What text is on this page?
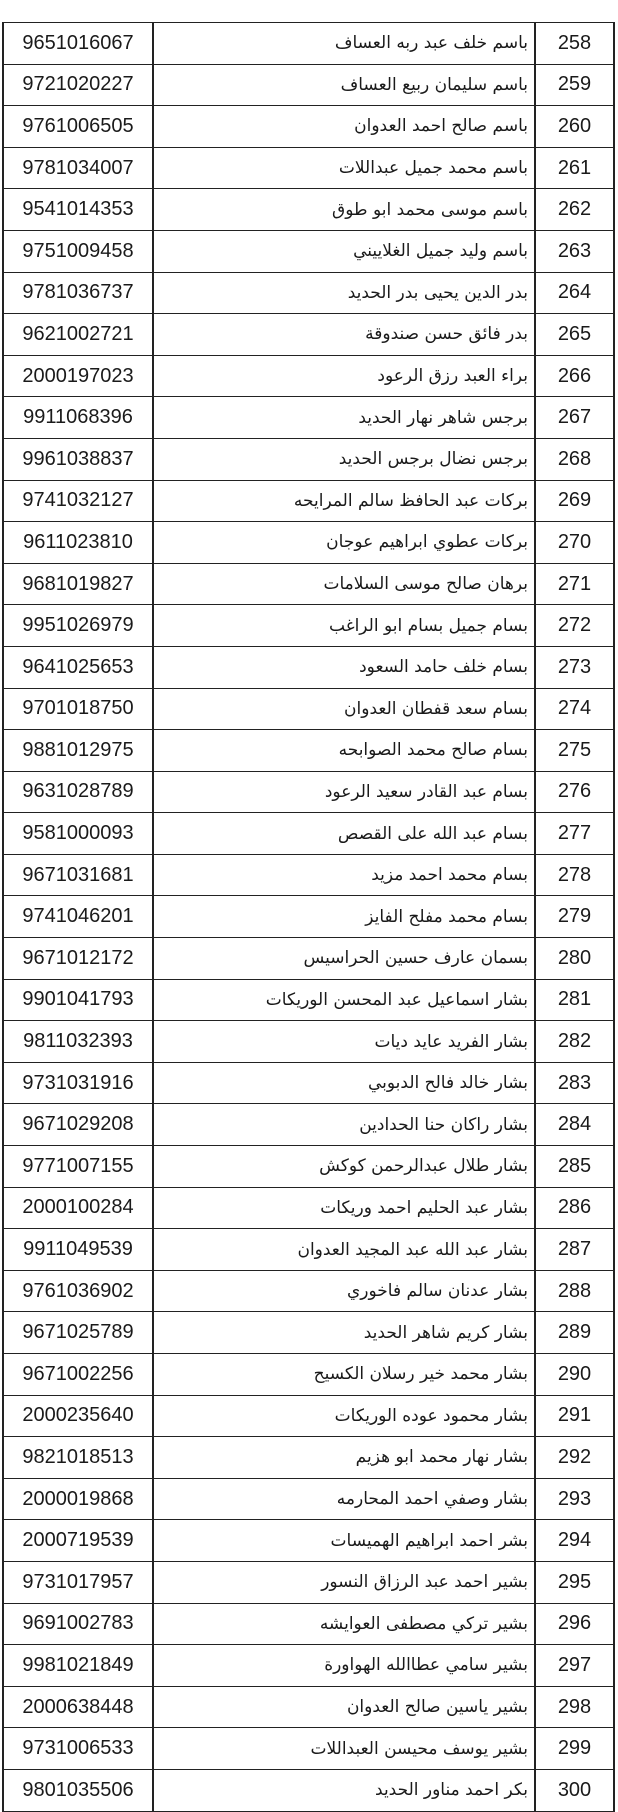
9651016067	باسم خلف عبد ربه العساف	258
9721020227	باسم سليمان ربيع العساف	259
9761006505	باسم صالح احمد العدوان	260
9781034007	باسم محمد جميل عبداللات	261
9541014353	باسم موسى محمد ابو طوق	262
9751009458	باسم وليد جميل الغلاييني	263
9781036737	بدر الدين يحيى بدر الحديد	264
9621002721	بدر فائق حسن صندوقة	265
2000197023	براء العبد رزق الرعود	266
9911068396	برجس شاهر نهار الحديد	267
9961038837	برجس نضال برجس الحديد	268
9741032127	بركات عبد الحافظ سالم المرايحه	269
9611023810	بركات عطوي ابراهيم عوجان	270
9681019827	برهان صالح موسى السلامات	271
9951026979	بسام جميل بسام ابو الراغب	272
9641025653	بسام خلف حامد السعود	273
9701018750	بسام سعد قفطان العدوان	274
9881012975	بسام صالح محمد الصوابحه	275
9631028789	بسام عبد القادر سعيد الرعود	276
9581000093	بسام عبد الله على القصص	277
9671031681	بسام محمد احمد مزيد	278
9741046201	بسام محمد مفلح الفايز	279
9671012172	بسمان عارف حسين الحراسيس	280
9901041793	بشار اسماعيل عبد المحسن الوريكات	281
9811032393	بشار الفريد عايد ديات	282
9731031916	بشار خالد فالح الدبوبي	283
9671029208	بشار راكان حنا الحدادين	284
9771007155	بشار طلال عبدالرحمن كوكش	285
2000100284	بشار عبد الحليم احمد وريكات	286
9911049539	بشار عبد الله عبد المجيد العدوان	287
9761036902	بشار عدنان سالم فاخوري	288
9671025789	بشار كريم شاهر الحديد	289
9671002256	بشار محمد خير رسلان الكسيح	290
2000235640	بشار محمود عوده الوريكات	291
9821018513	بشار نهار محمد ابو هزيم	292
2000019868	بشار وصفي احمد المحارمه	293
2000719539	بشر احمد ابراهيم الهميسات	294
9731017957	بشير احمد عبد الرزاق النسور	295
9691002783	بشير تركي مصطفى العوايشه	296
9981021849	بشير سامي عطاالله الهواورة	297
2000638448	بشير ياسين صالح العدوان	298
9731006533	بشير يوسف محيسن العبداللات	299
9801035506	بكر احمد مناور الحديد	300
